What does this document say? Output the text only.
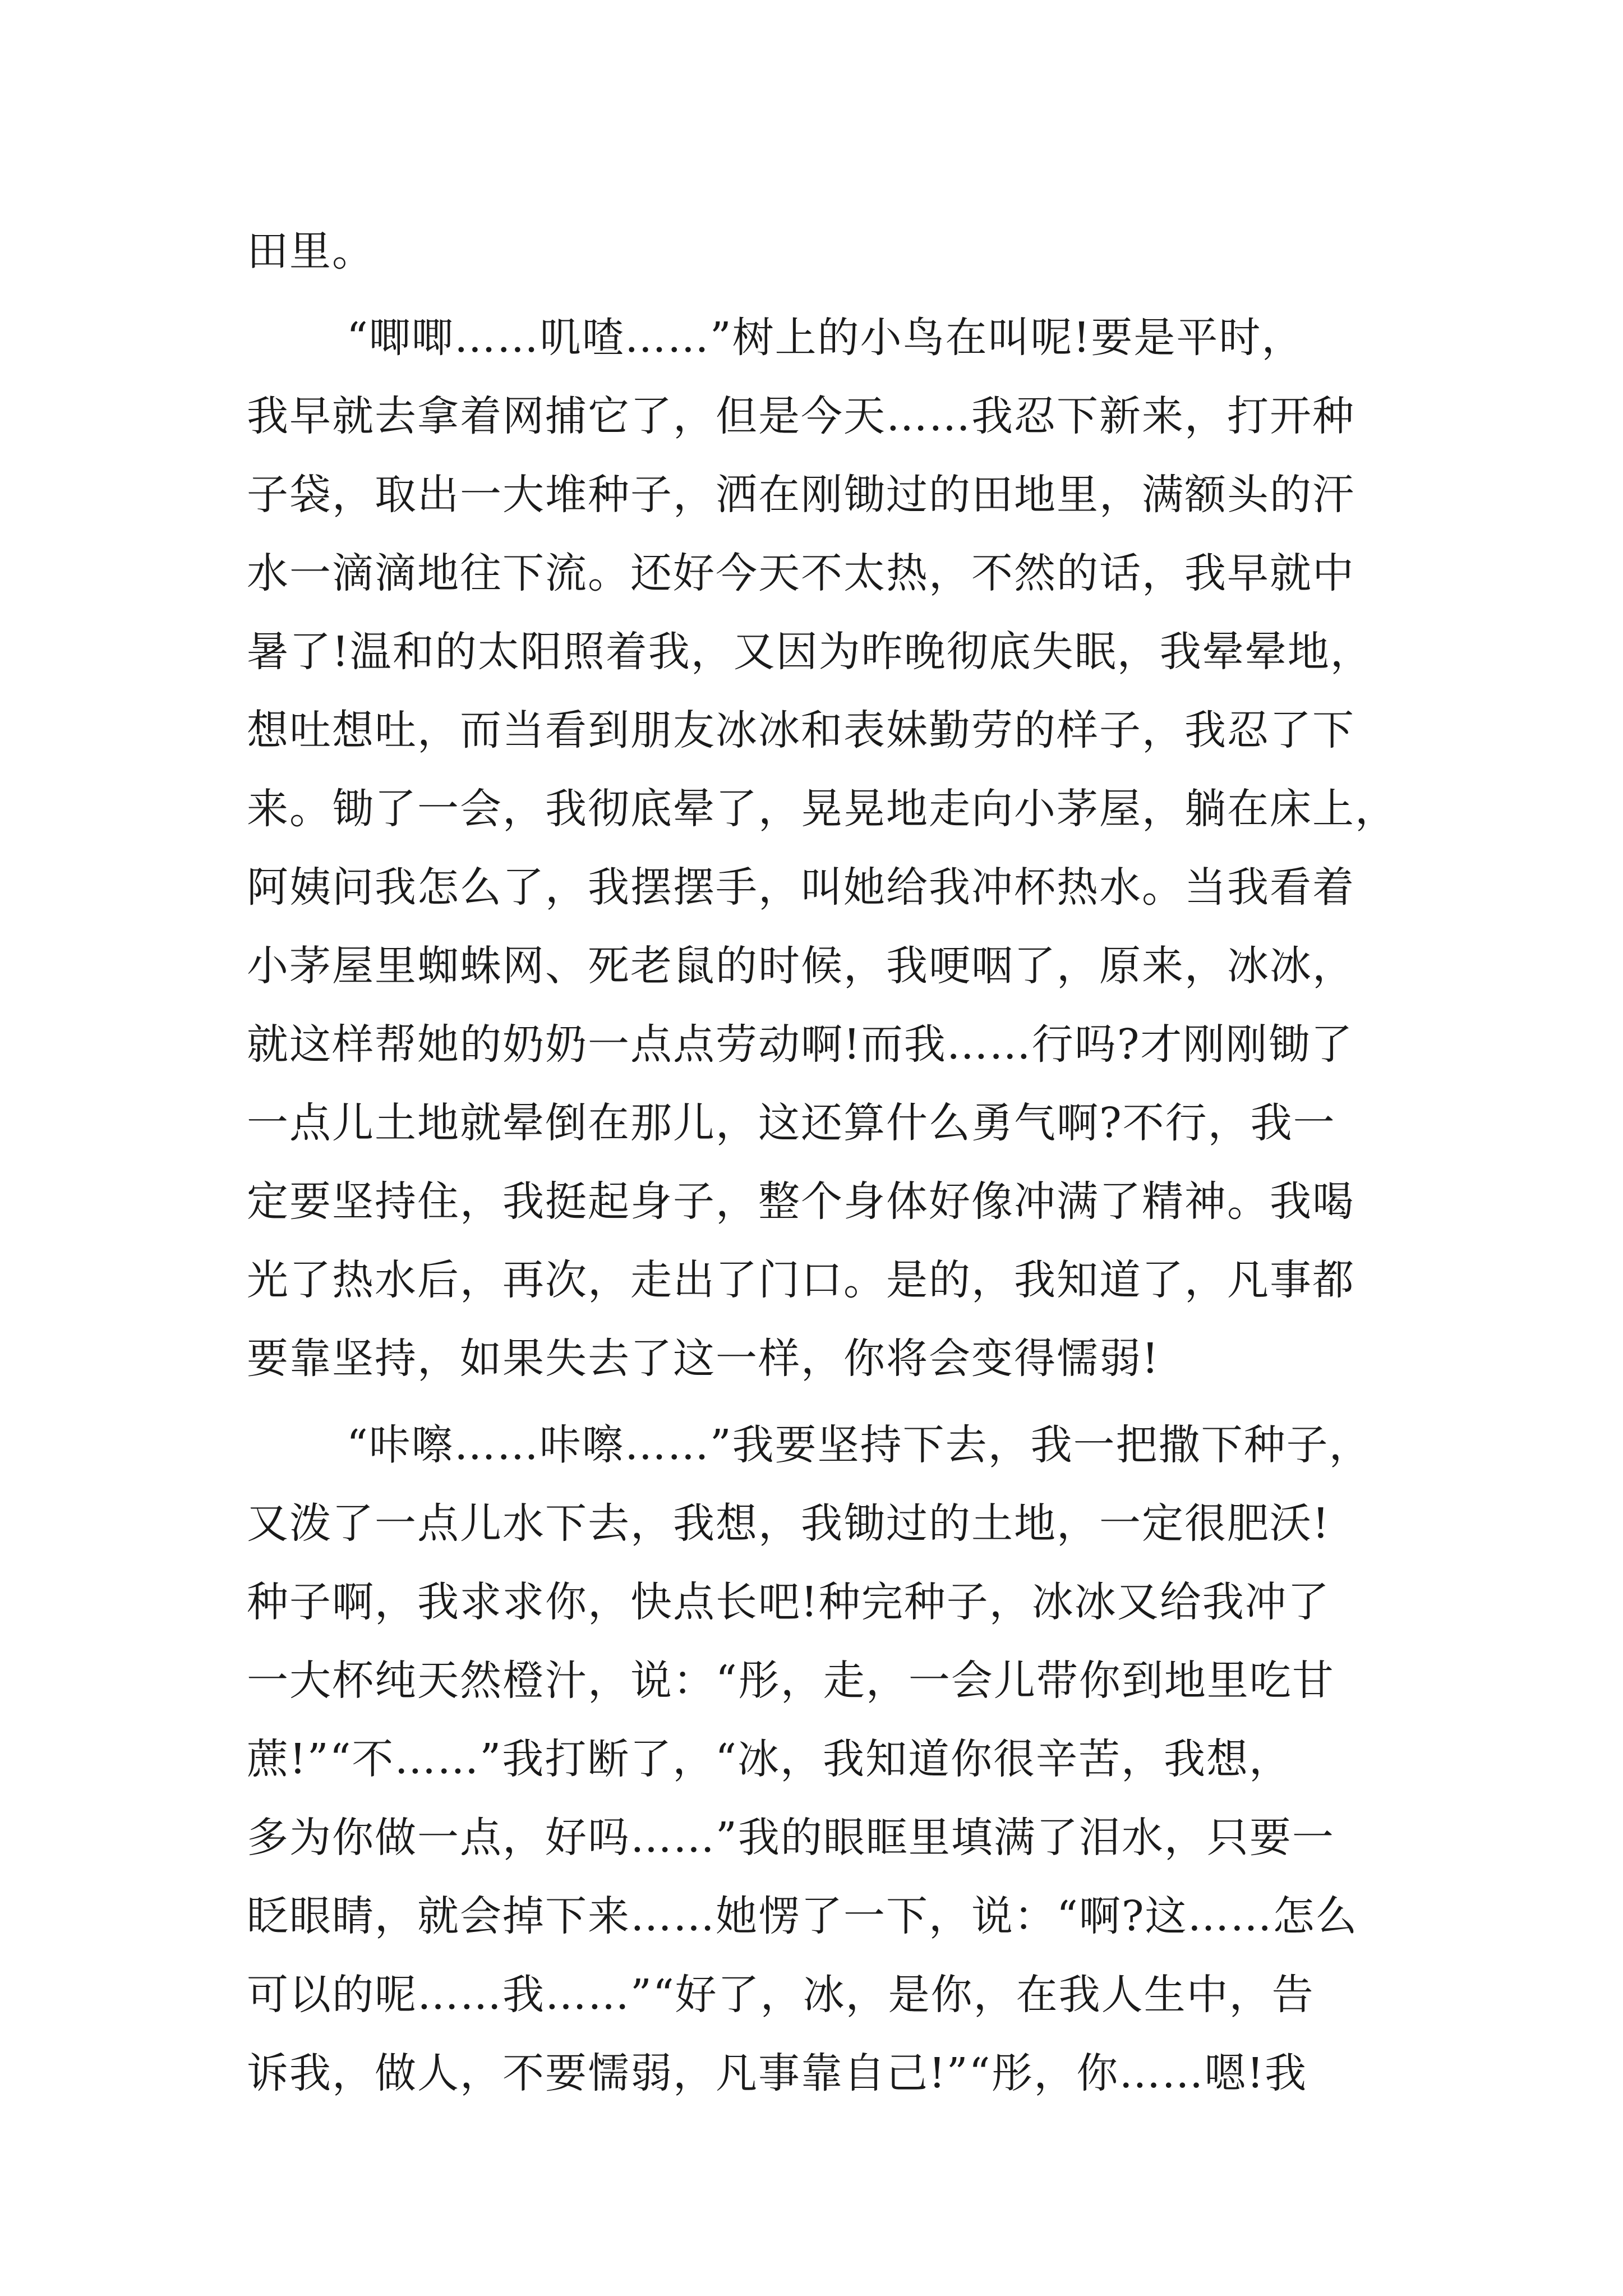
田里。
“唧唧……叽喳……”树上的小鸟在叫呢!要是平时，
我早就去拿着网捕它了，但是今天……我忍下新来，打开种
子袋，取出一大堆种子，洒在刚锄过的田地里，满额头的汗
水一滴滴地往下流。还好今天不太热，不然的话，我早就中
暑了!温和的太阳照着我，又因为昨晚彻底失眠，我晕晕地，
想吐想吐，而当看到朋友冰冰和表妹勤劳的样子，我忍了下
来。锄了一会，我彻底晕了，晃晃地走向小茅屋，躺在床上，
阿姨问我怎么了，我摆摆手，叫她给我冲杯热水。当我看着
小茅屋里蜘蛛网、死老鼠的时候，我哽咽了，原来，冰冰，
就这样帮她的奶奶一点点劳动啊!而我……行吗?才刚刚锄了
一点儿土地就晕倒在那儿，这还算什么勇气啊?不行，我一
定要坚持住，我挺起身子，整个身体好像冲满了精神。我喝
光了热水后，再次，走出了门口。是的，我知道了，凡事都
要靠坚持，如果失去了这一样，你将会变得懦弱!
“咔嚓……咔嚓……”我要坚持下去，我一把撒下种子，
又泼了一点儿水下去，我想，我锄过的土地，一定很肥沃!
种子啊，我求求你，快点长吧!种完种子，冰冰又给我冲了
一大杯纯天然橙汁，说：“彤，走，一会儿带你到地里吃甘
蔗!”“不……”我打断了，“冰，我知道你很辛苦，我想，
多为你做一点，好吗……”我的眼眶里填满了泪水，只要一
眨眼睛，就会掉下来……她愣了一下，说：“啊?这……怎么
可以的呢……我……”“好了，冰，是你，在我人生中，告
诉我，做人，不要懦弱，凡事靠自己!”“彤，你……嗯!我
